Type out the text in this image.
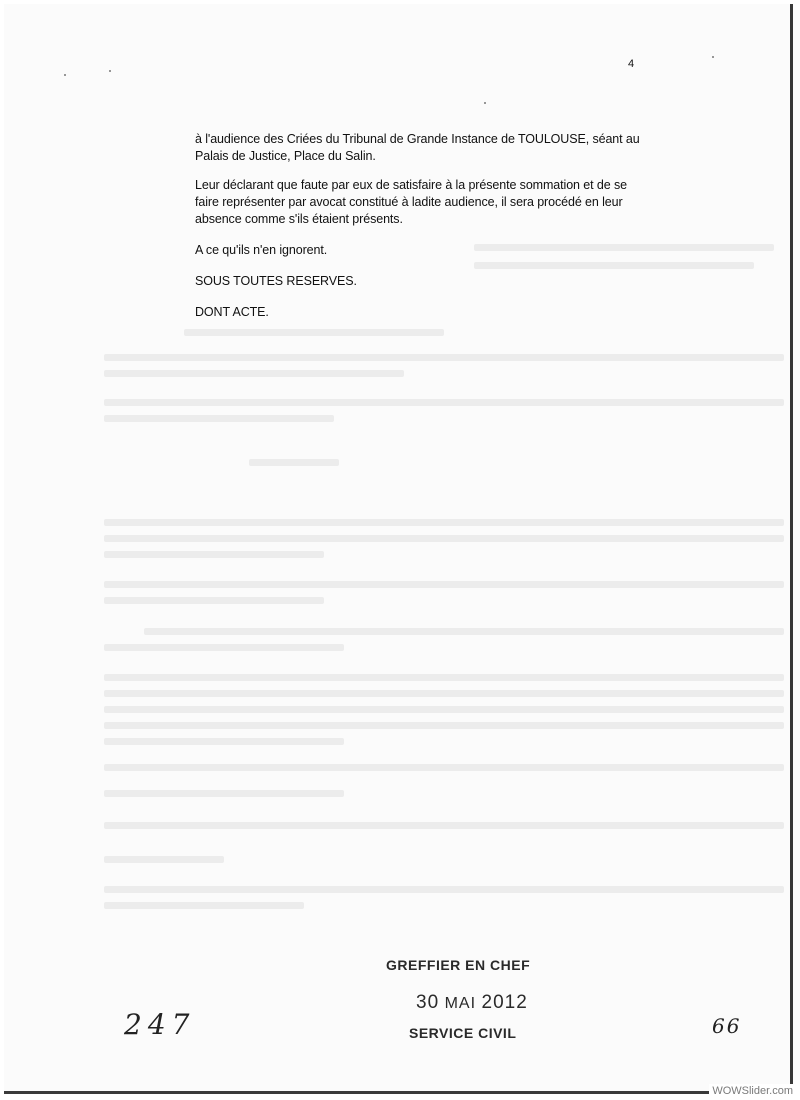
4

à l'audience des Criées du Tribunal de Grande Instance de TOULOUSE, séant au Palais de Justice, Place du Salin.

Leur déclarant que faute par eux de satisfaire à la présente sommation et de se faire représenter par avocat constitué à ladite audience, il sera procédé en leur absence comme s'ils étaient présents.

A ce qu'ils n'en ignorent.

SOUS TOUTES RESERVES.

DONT ACTE.

GREFFIER EN CHEF
30 MAI 2012
SERVICE CIVIL
247	66
WOWSlider.com
